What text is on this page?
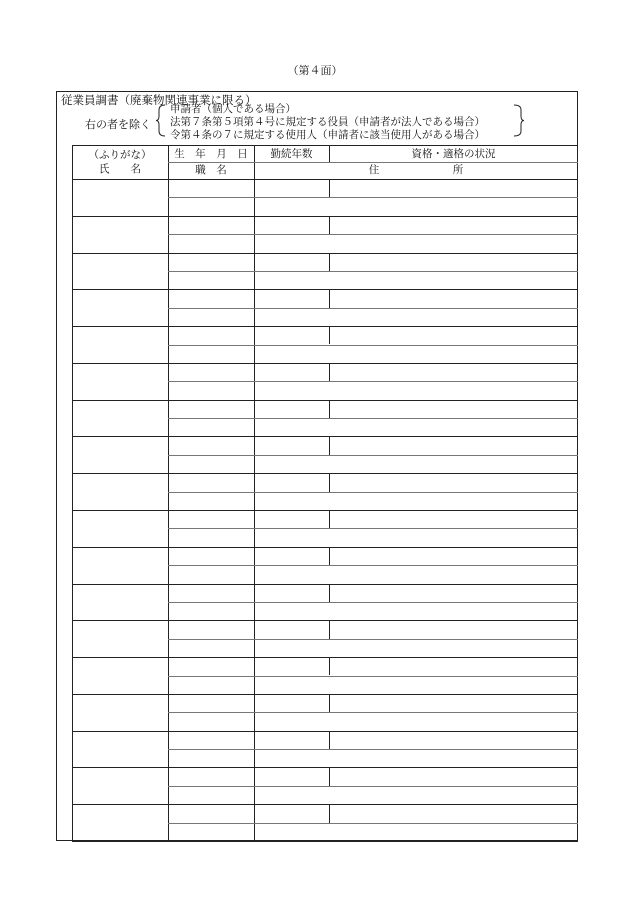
（第４面）
従業員調書（廃棄物関連事業に限る）
右の者を除く
申請者（個人である場合）
法第７条第５項第４号に規定する役員（申請者が法人である場合）
令第４条の７に規定する使用人（申請者に該当使用人がある場合）
（ふりがな）
氏　　名
生　年　月　日
職　名
勤続年数	資格・適格の状況
住　　　　　　　所
